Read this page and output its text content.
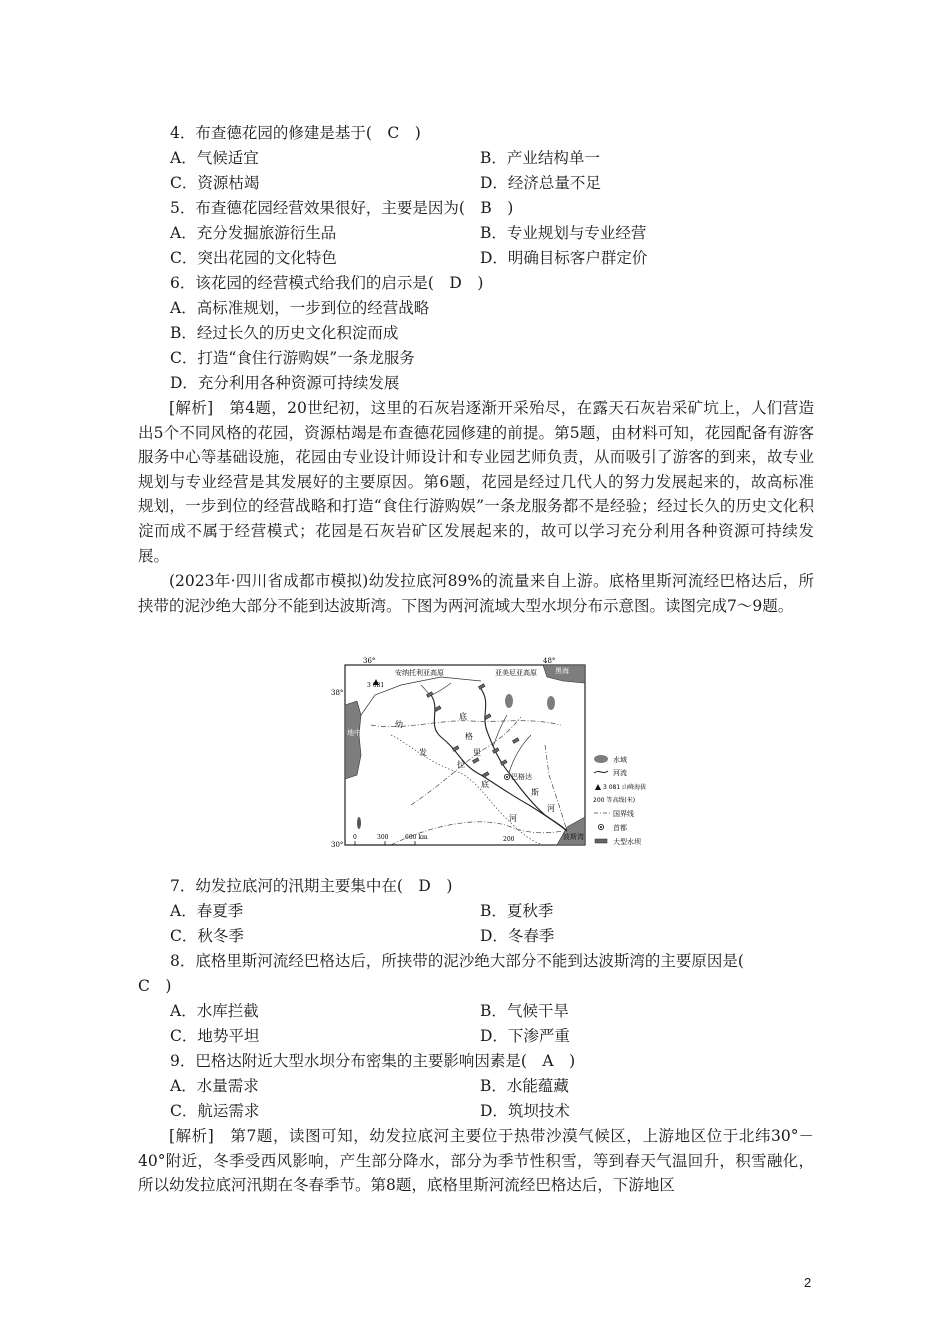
4．布查德花园的修建是基于(　C　)
A．气候适宜	B．产业结构单一
C．资源枯竭	D．经济总量不足
5．布查德花园经营效果很好，主要是因为(　B　)
A．充分发掘旅游衍生品	B．专业规划与专业经营
C．突出花园的文化特色	D．明确目标客户群定价
6．该花园的经营模式给我们的启示是(　D　)
A．高标准规划，一步到位的经营战略
B．经过长久的历史文化积淀而成
C．打造“食住行游购娱”一条龙服务
D．充分利用各种资源可持续发展
[解析]　第4题，20世纪初，这里的石灰岩逐渐开采殆尽，在露天石灰岩采矿坑上，人们营造出5个不同风格的花园，资源枯竭是布查德花园修建的前提。第5题，由材料可知，花园配备有游客服务中心等基础设施，花园由专业设计师设计和专业园艺师负责，从而吸引了游客的到来，故专业规划与专业经营是其发展好的主要原因。第6题，花园是经过几代人的努力发展起来的，故高标准规划，一步到位的经营战略和打造“食住行游购娱”一条龙服务都不是经验；经过长久的历史文化积淀而成不属于经营模式；花园是石灰岩矿区发展起来的，故可以学习充分利用各种资源可持续发展。
(2023年·四川省成都市模拟)幼发拉底河89%的流量来自上游。底格里斯河流经巴格达后，所挟带的泥沙绝大部分不能到达波斯湾。下图为两河流域大型水坝分布示意图。读图完成7～9题。
36°	48°
38°
30°
安纳托利亚高原	亚美尼亚高原	黑海
波斯湾
3 081
巴格达
200
地中海
幼
发
拉
底
河
底
格
里
斯
河
0	300	600 km
水域
河流
3 081 山峰海拔
200 等高线(米)
国界线
首都
大型水坝
7．幼发拉底河的汛期主要集中在(　D　)
A．春夏季	B．夏秋季
C．秋冬季	D．冬春季
8．底格里斯河流经巴格达后，所挟带的泥沙绝大部分不能到达波斯湾的主要原因是(
C　)
A．水库拦截	B．气候干旱
C．地势平坦	D．下渗严重
9．巴格达附近大型水坝分布密集的主要影响因素是(　A　)
A．水量需求	B．水能蕴藏
C．航运需求	D．筑坝技术
[解析]　第7题，读图可知，幼发拉底河主要位于热带沙漠气候区，上游地区位于北纬30°－40°附近，冬季受西风影响，产生部分降水，部分为季节性积雪，等到春天气温回升，积雪融化，所以幼发拉底河汛期在冬春季节。第8题，底格里斯河流经巴格达后，下游地区
2
